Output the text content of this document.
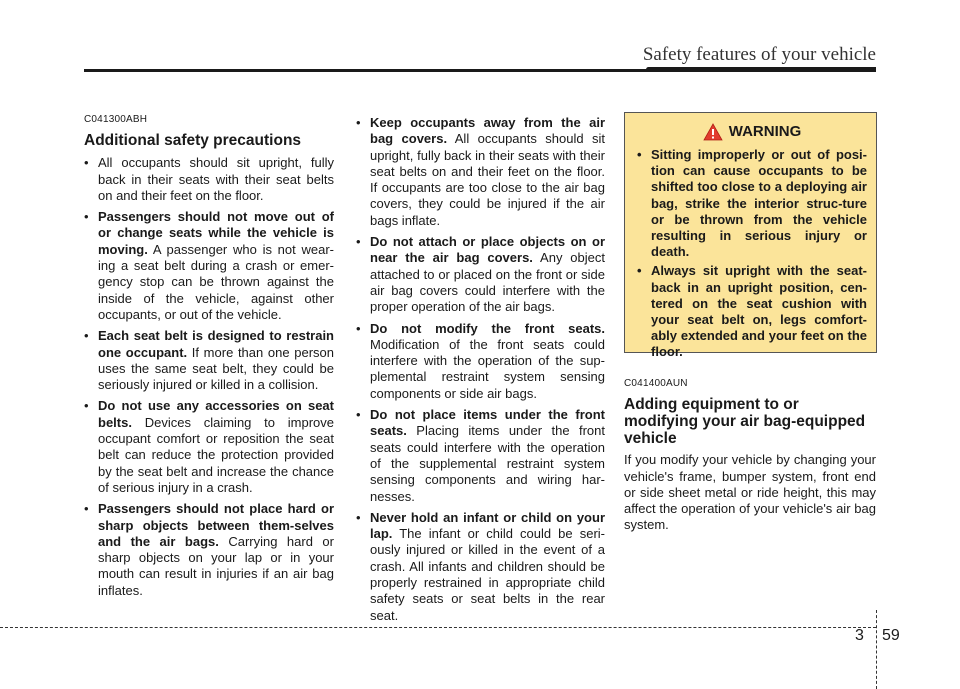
Safety features of your vehicle
C041300ABH
Additional safety precautions
• All occupants should sit upright, fully back in their seats with their seat belts on and their feet on the floor.
• Passengers should not move out of or change seats while the vehicle is moving. A passenger who is not wear-ing a seat belt during a crash or emer-gency stop can be thrown against the inside of the vehicle, against other occupants, or out of the vehicle.
• Each seat belt is designed to restrain one occupant. If more than one person uses the same seat belt, they could be seriously injured or killed in a collision.
• Do not use any accessories on seat belts. Devices claiming to improve occupant comfort or reposition the seat belt can reduce the protection provided by the seat belt and increase the chance of serious injury in a crash.
• Passengers should not place hard or sharp objects between them-selves and the air bags. Carrying hard or sharp objects on your lap or in your mouth can result in injuries if an air bag inflates.
• Keep occupants away from the air bag covers. All occupants should sit upright, fully back in their seats with their seat belts on and their feet on the floor. If occupants are too close to the air bag covers, they could be injured if the air bags inflate.
• Do not attach or place objects on or near the air bag covers. Any object attached to or placed on the front or side air bag covers could interfere with the proper operation of the air bags.
• Do not modify the front seats. Modification of the front seats could interfere with the operation of the sup-plemental restraint system sensing components or side air bags.
• Do not place items under the front seats. Placing items under the front seats could interfere with the operation of the supplemental restraint system sensing components and wiring har-nesses.
• Never hold an infant or child on your lap. The infant or child could be seri-ously injured or killed in the event of a crash. All infants and children should be properly restrained in appropriate child safety seats or seat belts in the rear seat.
WARNING
• Sitting improperly or out of posi-tion can cause occupants to be shifted too close to a deploying air bag, strike the interior struc-ture or be thrown from the vehicle resulting in serious injury or death.
• Always sit upright with the seat-back in an upright position, cen-tered on the seat cushion with your seat belt on, legs comfort-ably extended and your feet on the floor.
C041400AUN
Adding equipment to or modifying your air bag-equipped vehicle
If you modify your vehicle by changing your vehicle's frame, bumper system, front end or side sheet metal or ride height, this may affect the operation of your vehicle's air bag system.
3 59
